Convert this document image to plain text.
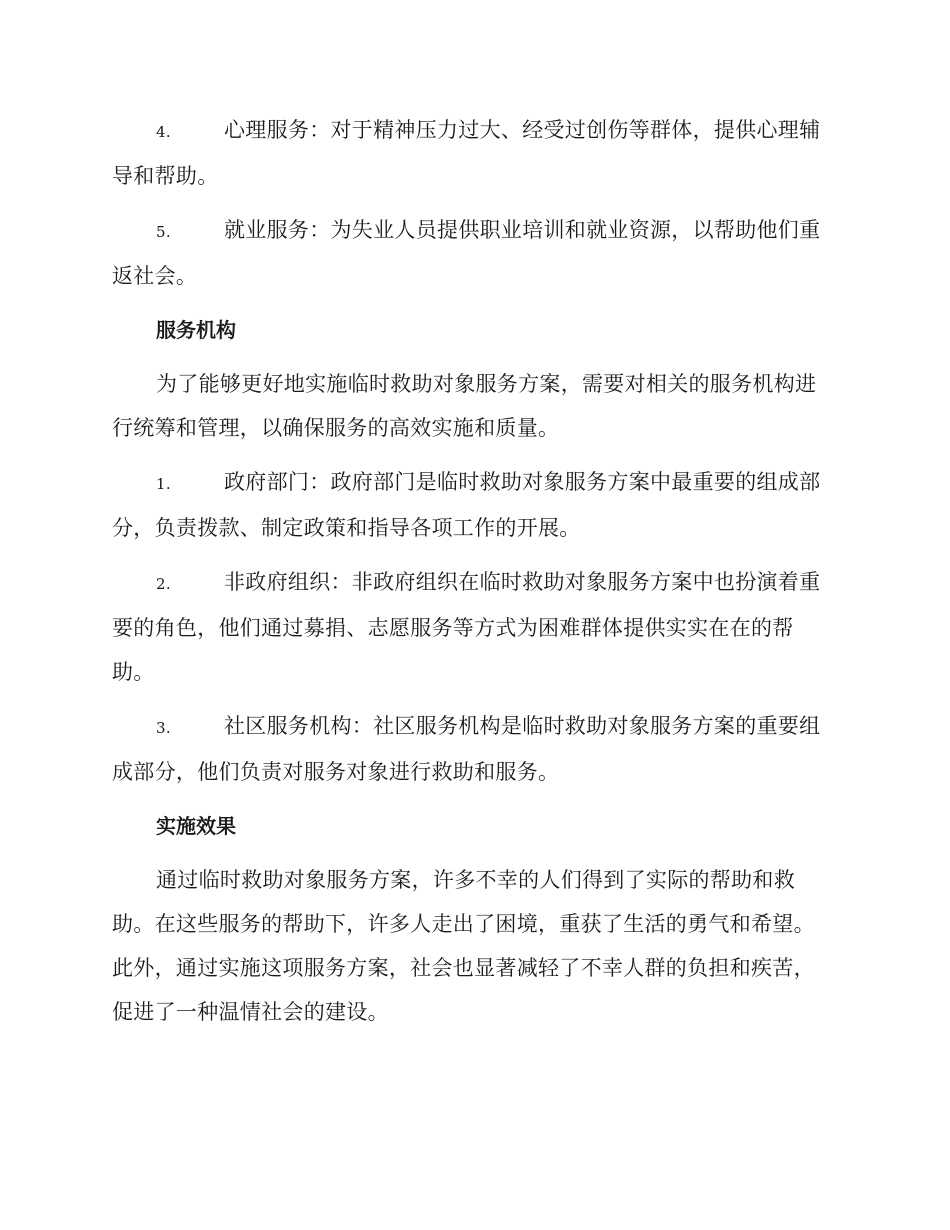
4.	心理服务：对于精神压力过大、经受过创伤等群体，提供心理辅导和帮助。

5.	就业服务：为失业人员提供职业培训和就业资源，以帮助他们重返社会。

服务机构

为了能够更好地实施临时救助对象服务方案，需要对相关的服务机构进行统筹和管理，以确保服务的高效实施和质量。

1.	政府部门：政府部门是临时救助对象服务方案中最重要的组成部分，负责拨款、制定政策和指导各项工作的开展。

2.	非政府组织：非政府组织在临时救助对象服务方案中也扮演着重要的角色，他们通过募捐、志愿服务等方式为困难群体提供实实在在的帮助。

3.	社区服务机构：社区服务机构是临时救助对象服务方案的重要组成部分，他们负责对服务对象进行救助和服务。

实施效果

通过临时救助对象服务方案，许多不幸的人们得到了实际的帮助和救助。在这些服务的帮助下，许多人走出了困境，重获了生活的勇气和希望。此外，通过实施这项服务方案，社会也显著减轻了不幸人群的负担和疾苦，促进了一种温情社会的建设。
